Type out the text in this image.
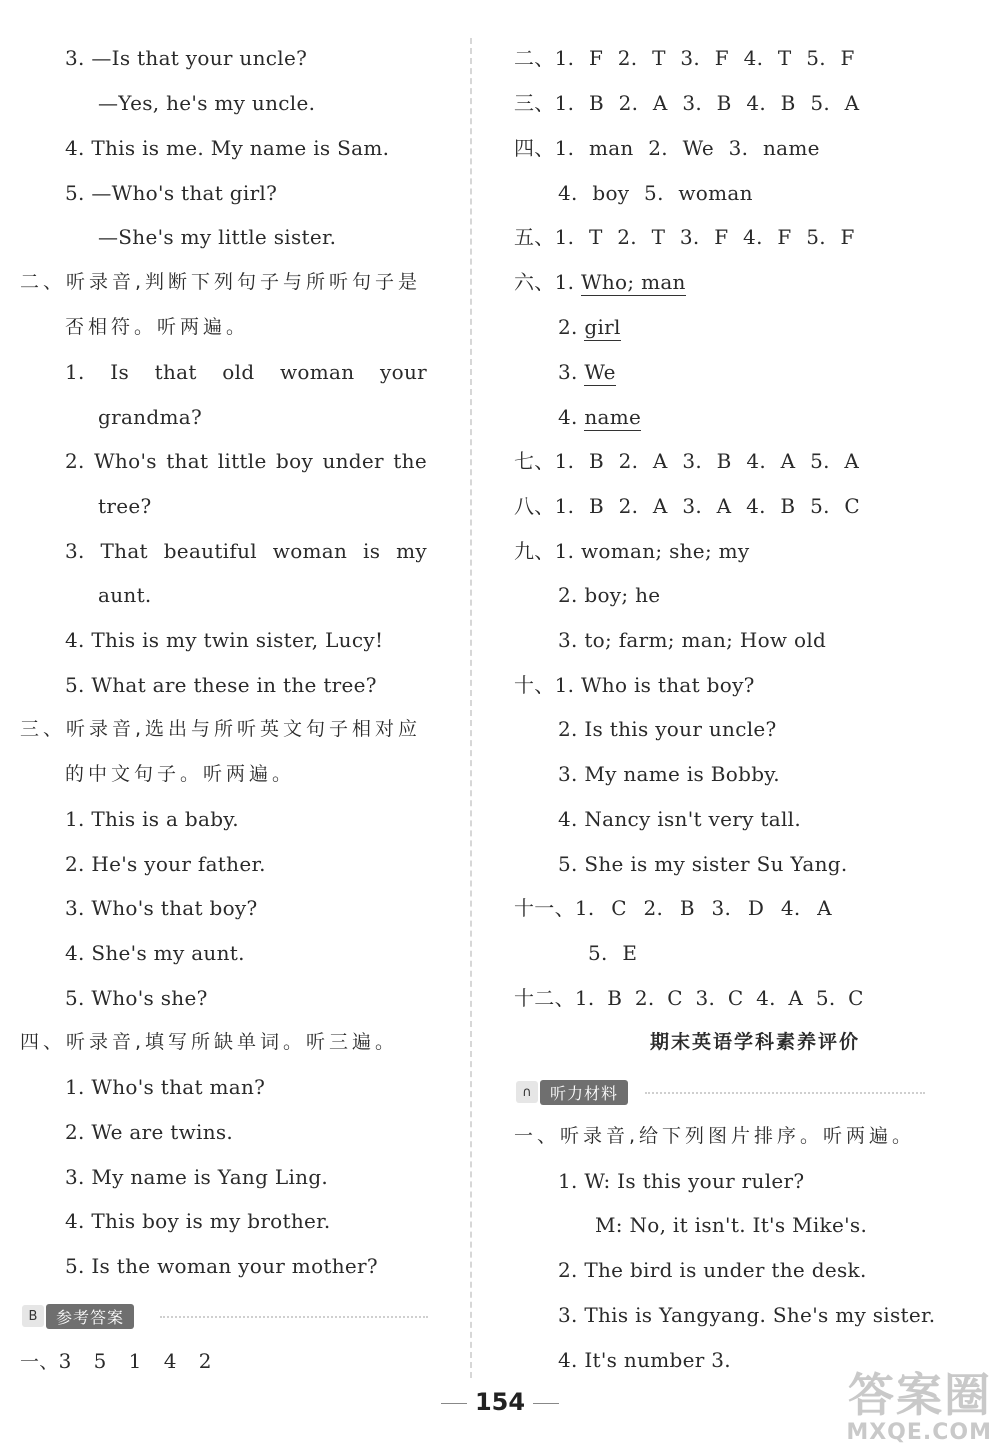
3. —Is that your uncle?
—Yes, he's my uncle.
4. This is me. My name is Sam.
5. —Who's that girl?
—She's my little sister.
二、听录音,判断下列句子与所听句子是
否相符。听两遍。
1. Is that old woman your
grandma?
2. Who's that little boy under the
tree?
3. That beautiful woman is my
aunt.
4. This is my twin sister, Lucy!
5. What are these in the tree?
三、听录音,选出与所听英文句子相对应
的中文句子。听两遍。
1. This is a baby.
2. He's your father.
3. Who's that boy?
4. She's my aunt.
5. Who's she?
四、听录音,填写所缺单词。听三遍。
1. Who's that man?
2. We are twins.
3. My name is Yang Ling.
4. This boy is my brother.
5. Is the woman your mother?
B	参考答案
一、3 5 1 4 2
二、1. F 2. T 3. F 4. T 5. F
三、1. B 2. A 3. B 4. B 5. A
四、1. man 2. We 3. name
4. boy 5. woman
五、1. T 2. T 3. F 4. F 5. F
六、1. Who; man
2. girl
3. We
4. name
七、1. B 2. A 3. B 4. A 5. A
八、1. B 2. A 3. A 4. B 5. C
九、1. woman; she; my
2. boy; he
3. to; farm; man; How old
十、1. Who is that boy?
2. Is this your uncle?
3. My name is Bobby.
4. Nancy isn't very tall.
5. She is my sister Su Yang.
十一、1. C 2. B 3. D 4. A
5. E
十二、1. B 2. C 3. C 4. A 5. C
期末英语学科素养评价
∩	听力材料
一、听录音,给下列图片排序。听两遍。
1. W: Is this your ruler?
M: No, it isn't. It's Mike's.
2. The bird is under the desk.
3. This is Yangyang. She's my sister.
4. It's number 3.
154	答案圈
MXQE.COM
